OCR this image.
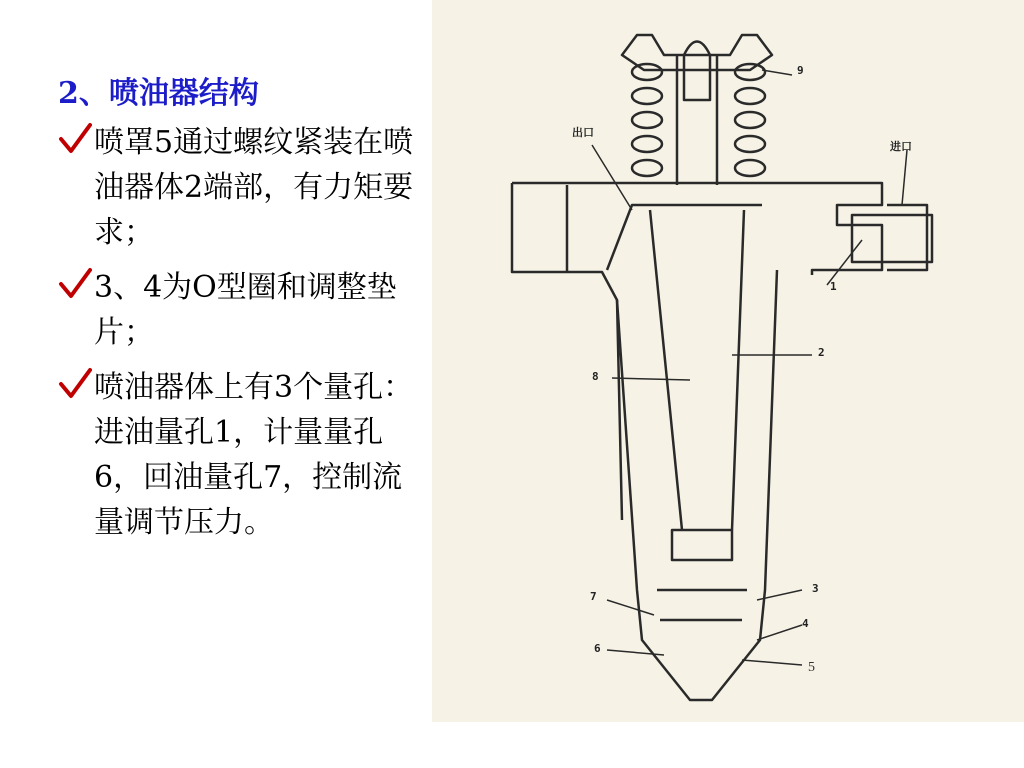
2、喷油器结构
喷罩5通过螺纹紧装在喷油器体2端部，有力矩要求；
3、4为O型圈和调整垫片；
喷油器体上有3个量孔：进油量孔1，计量量孔6，回油量孔7，控制流量调节压力。
出口
进口
9
1
2
8
7
6
3
4
5
